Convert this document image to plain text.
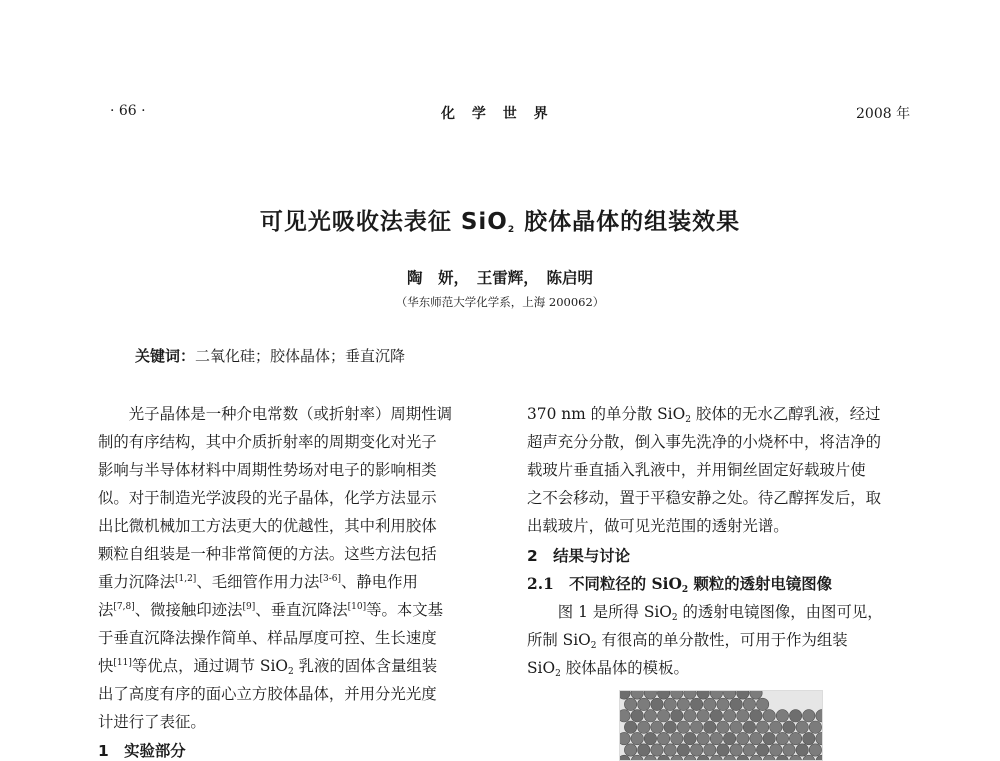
· 66 ·	化 学 世 界	2008 年
可见光吸收法表征 SiO$_2$ 胶体晶体的组装效果
陶　妍，　王雷辉，　陈启明
（华东师范大学化学系，上海 200062）
关键词：二氧化硅；胶体晶体；垂直沉降
　　光子晶体是一种介电常数（或折射率）周期性调
制的有序结构，其中介质折射率的周期变化对光子
影响与半导体材料中周期性势场对电子的影响相类
似。对于制造光学波段的光子晶体，化学方法显示
出比微机械加工方法更大的优越性，其中利用胶体
颗粒自组装是一种非常简便的方法。这些方法包括
重力沉降法[1,2]、毛细管作用力法[3-6]、静电作用
法[7,8]、微接触印迹法[9]、垂直沉降法[10]等。本文基
于垂直沉降法操作简单、样品厚度可控、生长速度
快[11]等优点，通过调节 SiO$_2$ 乳液的固体含量组装
出了高度有序的面心立方胶体晶体，并用分光光度
计进行了表征。
1　实验部分
370 nm 的单分散 SiO$_2$ 胶体的无水乙醇乳液，经过
超声充分分散，倒入事先洗净的小烧杯中，将洁净的
载玻片垂直插入乳液中，并用铜丝固定好载玻片使
之不会移动，置于平稳安静之处。待乙醇挥发后，取
出载玻片，做可见光范围的透射光谱。
2　结果与讨论
2.1　不同粒径的 SiO$_2$ 颗粒的透射电镜图像
　　图 1 是所得 SiO$_2$ 的透射电镜图像，由图可见，
所制 SiO$_2$ 有很高的单分散性，可用于作为组装
SiO$_2$ 胶体晶体的模板。
